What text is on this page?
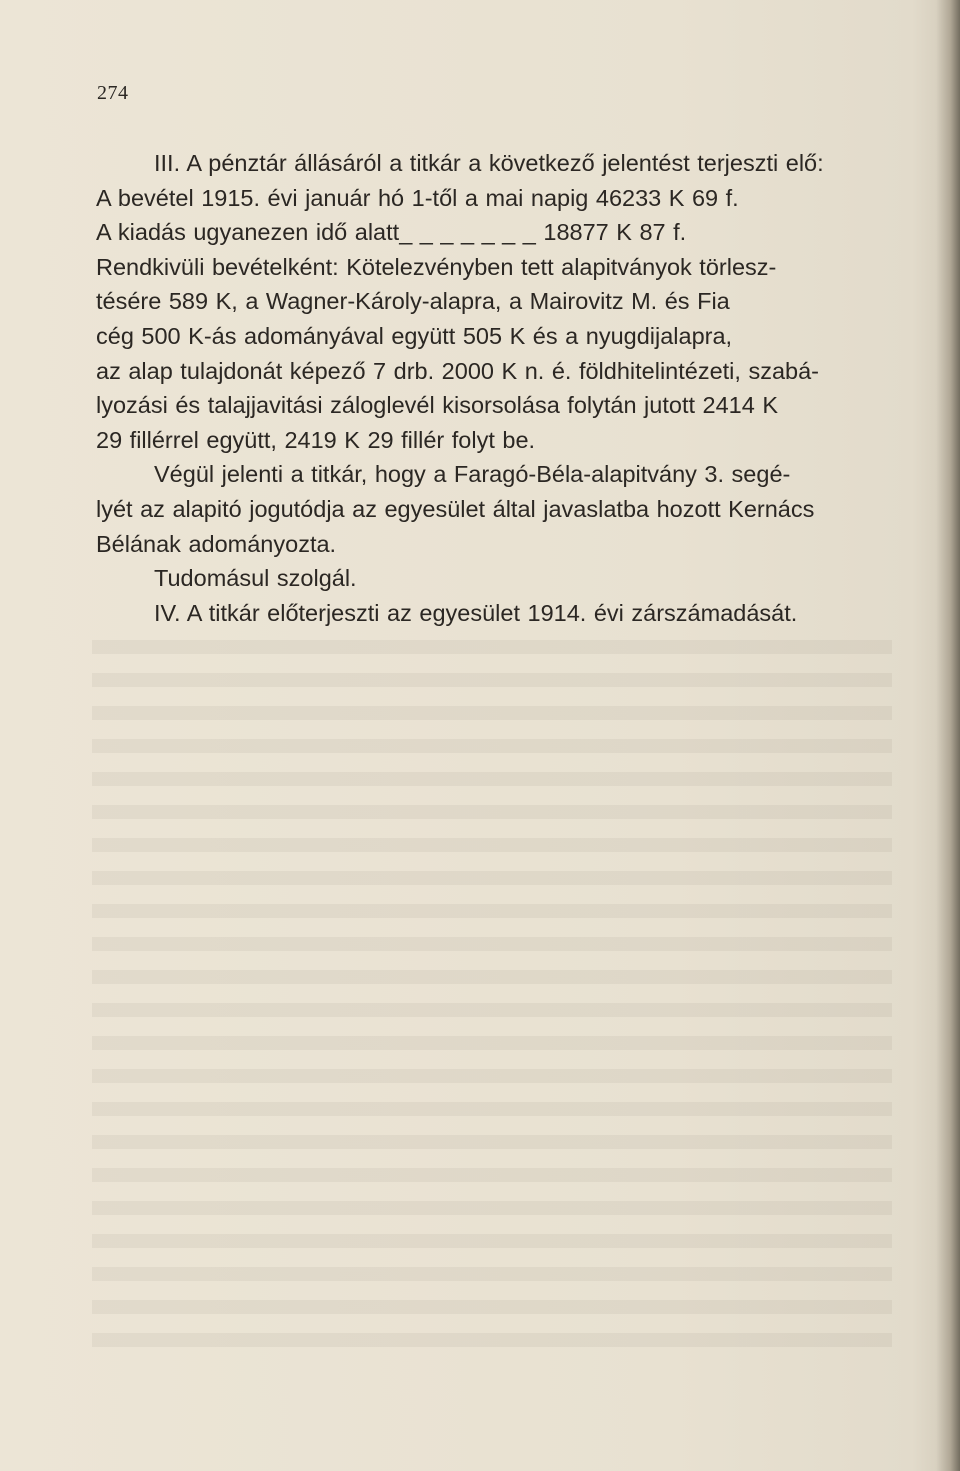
274
III. A pénztár állásáról a titkár a következő jelentést terjeszti elő:
A bevétel 1915. évi január hó 1-től a mai napig 46233 K 69 f.
A kiadás ugyanezen idő alatt_ _ _ _ _ _ _ 18877 K 87 f.
Rendkivüli bevételként: Kötelezvényben tett alapitványok törlesz-
tésére 589 K, a Wagner-Károly-alapra, a Mairovitz M. és Fia
cég 500 K-ás adományával együtt 505 K és a nyugdijalapra,
az alap tulajdonát képező 7 drb. 2000 K n. é. földhitelintézeti, szabá-
lyozási és talajjavitási záloglevél kisorsolása folytán jutott 2414 K
29 fillérrel együtt, 2419 K 29 fillér folyt be.
Végül jelenti a titkár, hogy a Faragó-Béla-alapitvány 3. segé-
lyét az alapitó jogutódja az egyesület által javaslatba hozott Kernács
Bélának adományozta.
Tudomásul szolgál.
IV. A titkár előterjeszti az egyesület 1914. évi zárszámadását.
